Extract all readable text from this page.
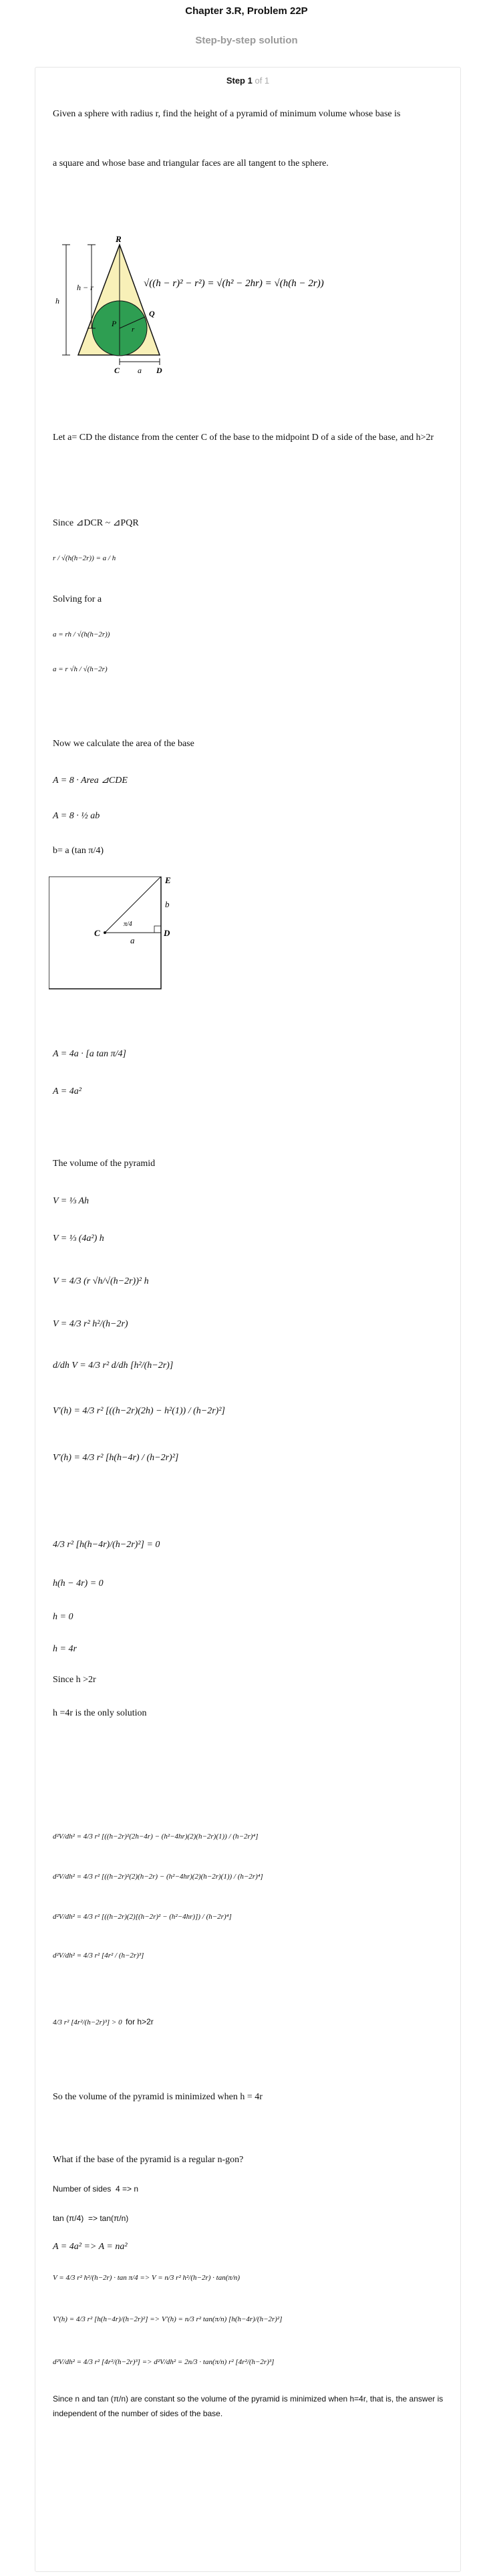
Chapter 3.R, Problem 22P
Step-by-step solution
Step 1 of 1
Given a sphere with radius r, find the height of a pyramid of minimum volume whose base is
a square and whose base and triangular faces are all tangent to the sphere.
R
h − r
h
P
r
Q
C	D
a
√((h − r)² − r²) = √(h² − 2hr) = √(h(h − 2r))
Let a= CD the distance from the center C of the base to the midpoint D of a side of the base, and h>2r
Since ⊿DCR ~ ⊿PQR
r / √(h(h−2r)) = a / h
Solving for a
a = rh / √(h(h−2r))
a = r √h / √(h−2r)
Now we calculate the area of the base
A = 8 · Area ⊿CDE
A = 8 · ½ ab
b= a (tan π/4)
E
b
C
π/4
a
D
A = 4a · [a tan π/4]
A = 4a²
The volume of the pyramid
V = ⅓ Ah
V = ⅓ (4a²) h
V = 4/3 (r √h/√(h−2r))² h
V = 4/3 r² h²/(h−2r)
d/dh V = 4/3 r² d/dh [h²/(h−2r)]
V′(h) = 4/3 r² [((h−2r)(2h) − h²(1)) / (h−2r)²]
V′(h) = 4/3 r² [h(h−4r) / (h−2r)²]
4/3 r² [h(h−4r)/(h−2r)²] = 0
h(h − 4r) = 0
h = 0
h = 4r
Since h >2r
h =4r is the only solution
d²V/dh² = 4/3 r² [((h−2r)²(2h−4r) − (h²−4hr)(2)(h−2r)(1)) / (h−2r)⁴]
d²V/dh² = 4/3 r² [((h−2r)²(2)(h−2r) − (h²−4hr)(2)(h−2r)(1)) / (h−2r)⁴]
d²V/dh² = 4/3 r² [((h−2r)(2)[(h−2r)² − (h²−4hr)]) / (h−2r)⁴]
d²V/dh² = 4/3 r² [4r² / (h−2r)³]
4/3 r² [4r²/(h−2r)³] > 0 for h>2r
So the volume of the pyramid is minimized when h = 4r
What if the base of the pyramid is a regular n-gon?
Number of sides  4 => n
tan (π/4)  => tan(π/n)
A = 4a² => A = na²
V = 4/3 r² h²/(h−2r) · tan π/4 => V = n/3 r² h²/(h−2r) · tan(π/n)
V′(h) = 4/3 r² [h(h−4r)/(h−2r)²] => V′(h) = n/3 r² tan(π/n) [h(h−4r)/(h−2r)²]
d²V/dh² = 4/3 r² [4r²/(h−2r)³] => d²V/dh² = 2n/3 · tan(π/n) r² [4r²/(h−2r)³]
Since n and tan (π/n) are constant so the volume of the pyramid is minimized when h=4r, that is, the answer is independent of the number of sides of the base.
